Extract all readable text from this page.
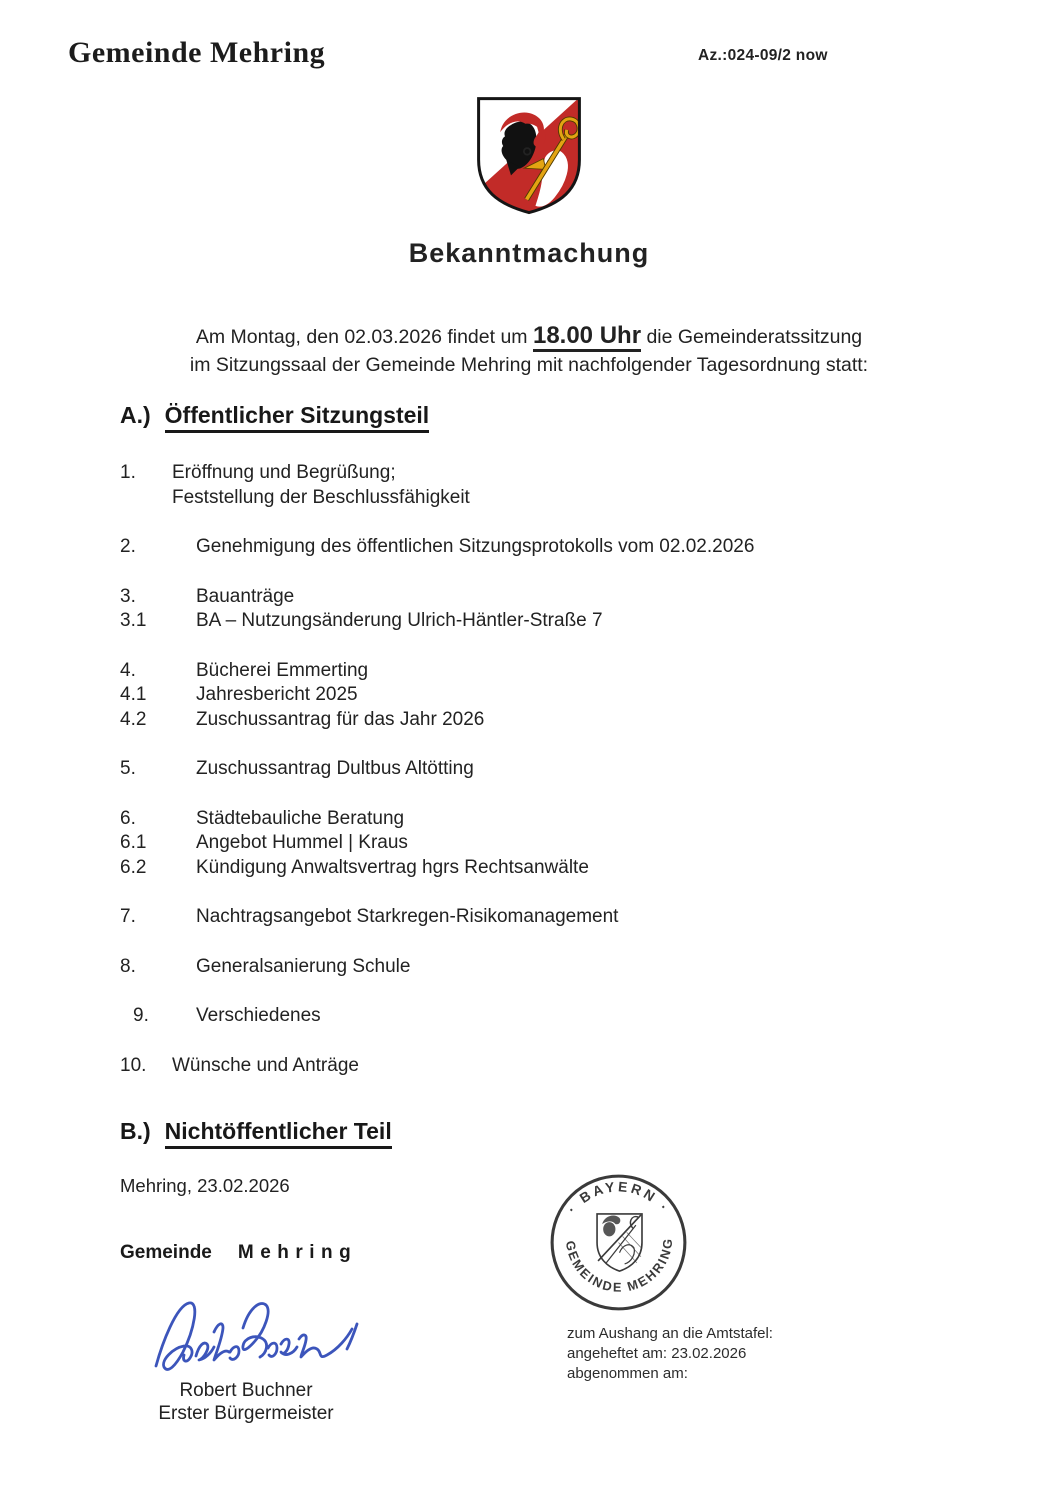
Gemeinde Mehring	Az.:024-09/2 now
Bekanntmachung

Am Montag, den 02.03.2026 findet um 18.00 Uhr die Gemeinderatssitzung
im Sitzungssaal der Gemeinde Mehring mit nachfolgender Tagesordnung statt:

A.) Öffentlicher Sitzungsteil
1.	Eröffnung und Begrüßung;
Feststellung der Beschlussfähigkeit
2.	Genehmigung des öffentlichen Sitzungsprotokolls vom 02.02.2026
3.	Bauanträge
3.1	BA – Nutzungsänderung Ulrich-Häntler-Straße 7
4.	Bücherei Emmerting
4.1	Jahresbericht 2025
4.2	Zuschussantrag für das Jahr 2026
5.	Zuschussantrag Dultbus Altötting
6.	Städtebauliche Beratung
6.1	Angebot Hummel | Kraus
6.2	Kündigung Anwaltsvertrag hgrs Rechtsanwälte
7.	Nachtragsangebot Starkregen-Risikomanagement
8.	Generalsanierung Schule
9.	Verschiedenes
10.	Wünsche und Anträge
B.) Nichtöffentlicher Teil
Mehring, 23.02.2026
Gemeinde Mehring
Robert Buchner
Erster Bürgermeister
· BAYERN ·
GEMEINDE MEHRING
zum Aushang an die Amtstafel:
angeheftet am: 23.02.2026
abgenommen am:
